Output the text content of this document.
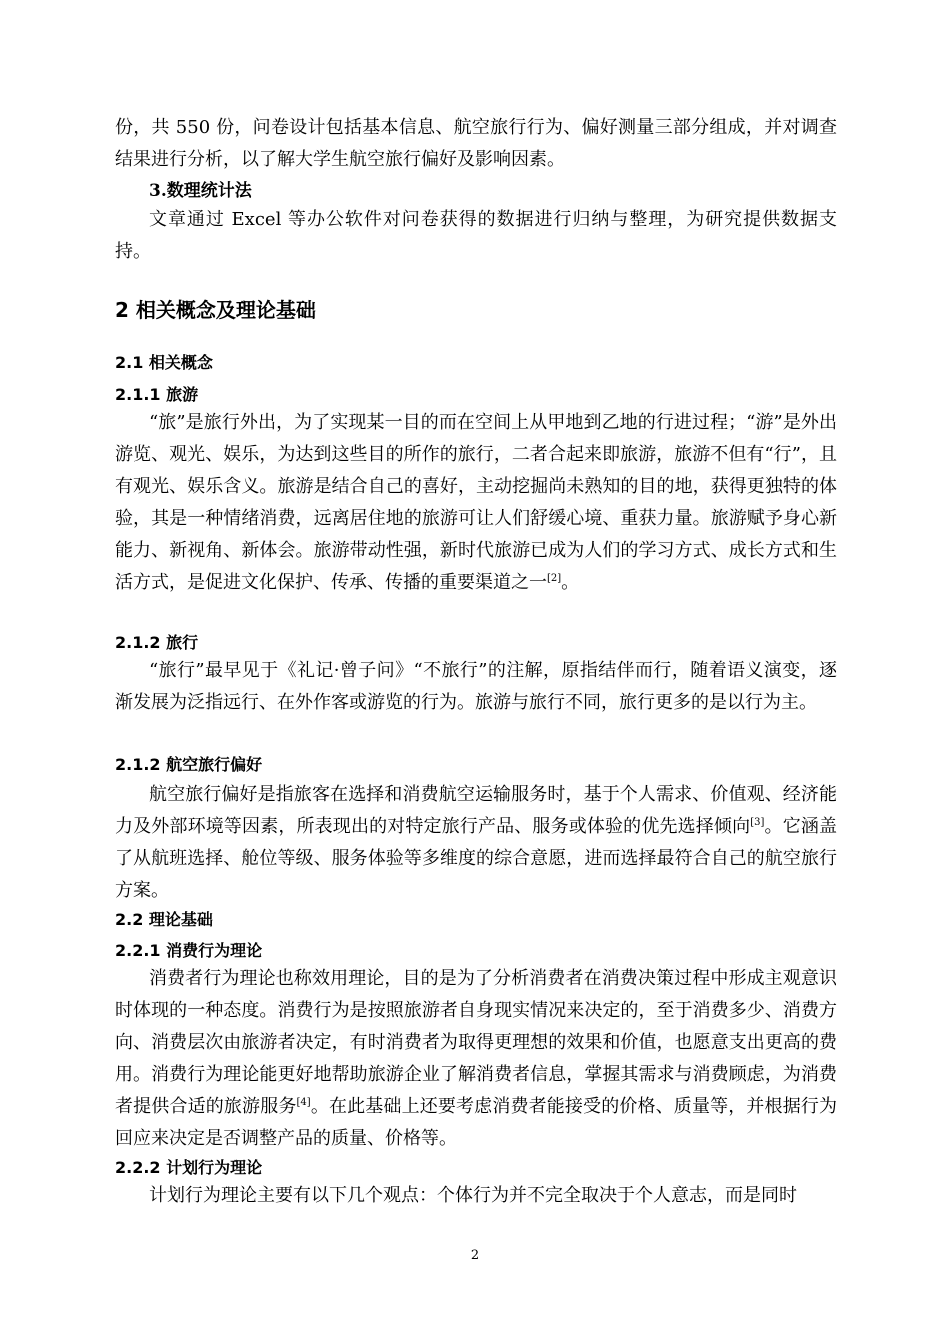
份，共 550 份，问卷设计包括基本信息、航空旅行行为、偏好测量三部分组成，并对调查结果进行分析，以了解大学生航空旅行偏好及影响因素。

3.数理统计法

文章通过 Excel 等办公软件对问卷获得的数据进行归纳与整理，为研究提供数据支持。

2 相关概念及理论基础
2.1 相关概念
2.1.1 旅游

“旅”是旅行外出，为了实现某一目的而在空间上从甲地到乙地的行进过程；“游”是外出游览、观光、娱乐，为达到这些目的所作的旅行，二者合起来即旅游，旅游不但有“行”，且有观光、娱乐含义。旅游是结合自己的喜好，主动挖掘尚未熟知的目的地，获得更独特的体验，其是一种情绪消费，远离居住地的旅游可让人们舒缓心境、重获力量。旅游赋予身心新能力、新视角、新体会。旅游带动性强，新时代旅游已成为人们的学习方式、成长方式和生活方式，是促进文化保护、传承、传播的重要渠道之一[2]。

2.1.2 旅行

“旅行”最早见于《礼记·曾子问》“不旅行”的注解，原指结伴而行，随着语义演变，逐渐发展为泛指远行、在外作客或游览的行为。旅游与旅行不同，旅行更多的是以行为主。

2.1.2 航空旅行偏好

航空旅行偏好是指旅客在选择和消费航空运输服务时，基于个人需求、价值观、经济能力及外部环境等因素，所表现出的对特定旅行产品、服务或体验的优先选择倾向[3]。它涵盖了从航班选择、舱位等级、服务体验等多维度的综合意愿，进而选择最符合自己的航空旅行方案。

2.2 理论基础
2.2.1 消费行为理论

消费者行为理论也称效用理论，目的是为了分析消费者在消费决策过程中形成主观意识时体现的一种态度。消费行为是按照旅游者自身现实情况来决定的，至于消费多少、消费方向、消费层次由旅游者决定，有时消费者为取得更理想的效果和价值，也愿意支出更高的费用。消费行为理论能更好地帮助旅游企业了解消费者信息，掌握其需求与消费顾虑，为消费者提供合适的旅游服务[4]。在此基础上还要考虑消费者能接受的价格、质量等，并根据行为回应来决定是否调整产品的质量、价格等。

2.2.2 计划行为理论

计划行为理论主要有以下几个观点：个体行为并不完全取决于个人意志，而是同时

2
